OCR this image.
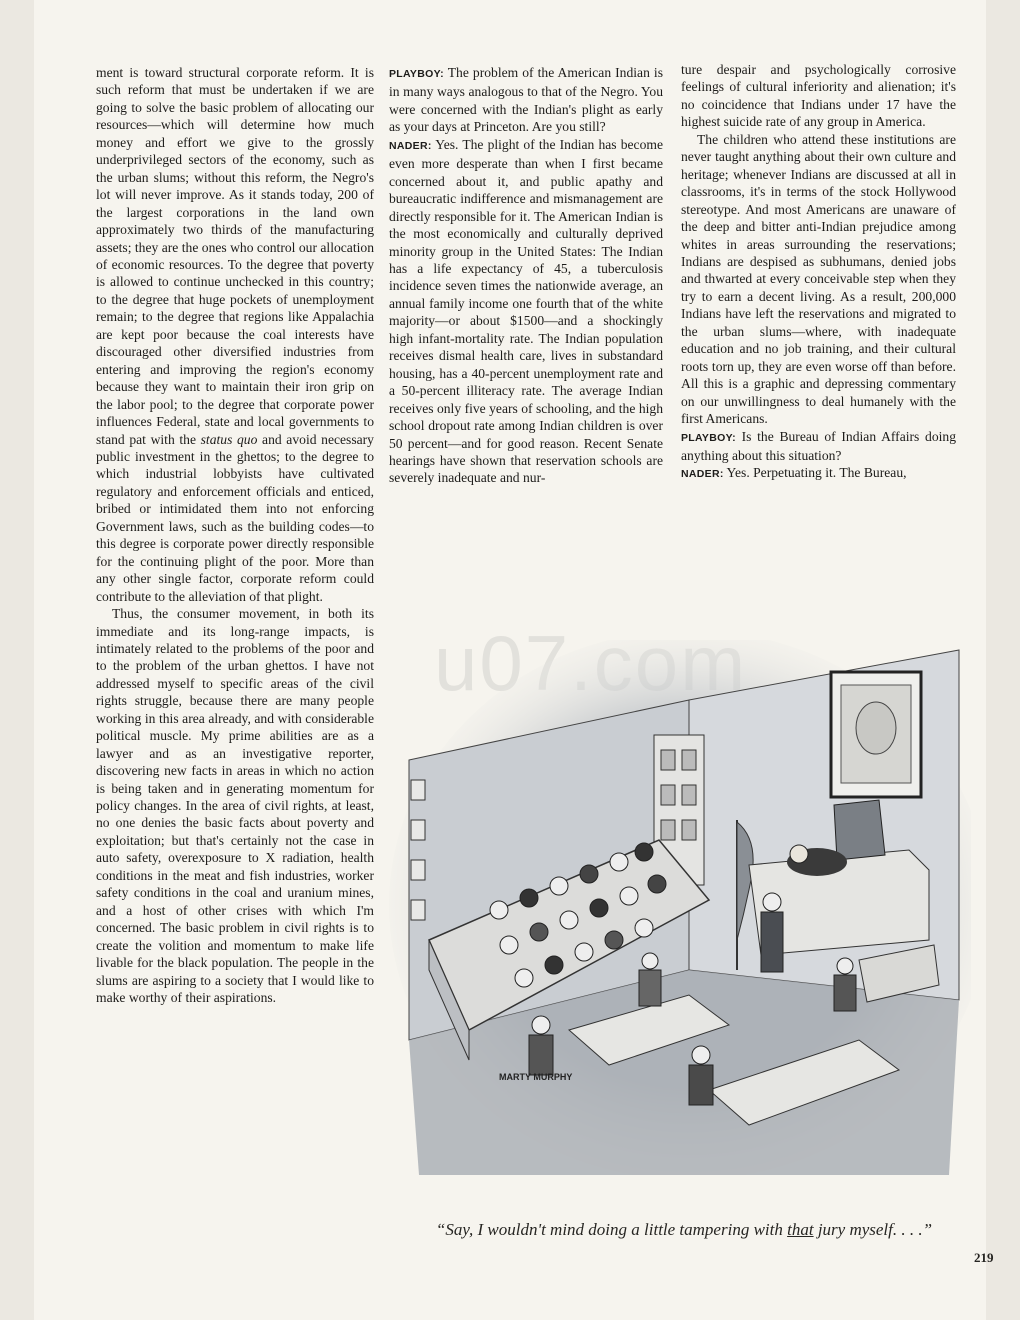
ment is toward structural corporate reform. It is such reform that must be undertaken if we are going to solve the basic problem of allocating our resources—which will determine how much money and effort we give to the grossly underprivileged sectors of the economy, such as the urban slums; without this reform, the Negro's lot will never improve. As it stands today, 200 of the largest corporations in the land own approximately two thirds of the manufacturing assets; they are the ones who control our allocation of economic resources. To the degree that poverty is allowed to continue unchecked in this country; to the degree that huge pockets of unemployment remain; to the degree that regions like Appalachia are kept poor because the coal interests have discouraged other diversified industries from entering and improving the region's economy because they want to maintain their iron grip on the labor pool; to the degree that corporate power influences Federal, state and local governments to stand pat with the status quo and avoid necessary public investment in the ghettos; to the degree to which industrial lobbyists have cultivated regulatory and enforcement officials and enticed, bribed or intimidated them into not enforcing Government laws, such as the building codes—to this degree is corporate power directly responsible for the continuing plight of the poor. More than any other single factor, corporate reform could contribute to the alleviation of that plight.

Thus, the consumer movement, in both its immediate and its long-range impacts, is intimately related to the problems of the poor and to the problem of the urban ghettos. I have not addressed myself to specific areas of the civil rights struggle, because there are many people working in this area already, and with considerable political muscle. My prime abilities are as a lawyer and as an investigative reporter, discovering new facts in areas in which no action is being taken and in generating momentum for policy changes. In the area of civil rights, at least, no one denies the basic facts about poverty and exploitation; but that's certainly not the case in auto safety, overexposure to X radiation, health conditions in the meat and fish industries, worker safety conditions in the coal and uranium mines, and a host of other crises with which I'm concerned. The basic problem in civil rights is to create the volition and momentum to make life livable for the black population. The people in the slums are aspiring to a society that I would like to make worthy of their aspirations.

PLAYBOY: The problem of the American Indian is in many ways analogous to that of the Negro. You were concerned with the Indian's plight as early as your days at Princeton. Are you still?

NADER: Yes. The plight of the Indian has become even more desperate than when I first became concerned about it, and public apathy and bureaucratic indifference and mismanagement are directly responsible for it. The American Indian is the most economically and culturally deprived minority group in the United States: The Indian has a life expectancy of 45, a tuberculosis incidence seven times the nationwide average, an annual family income one fourth that of the white majority—or about $1500—and a shockingly high infant-mortality rate. The Indian population receives dismal health care, lives in substandard housing, has a 40-percent unemployment rate and a 50-percent illiteracy rate. The average Indian receives only five years of schooling, and the high school dropout rate among Indian children is over 50 percent—and for good reason. Recent Senate hearings have shown that reservation schools are severely inadequate and nur-

ture despair and psychologically corrosive feelings of cultural inferiority and alienation; it's no coincidence that Indians under 17 have the highest suicide rate of any group in America.

The children who attend these institutions are never taught anything about their own culture and heritage; whenever Indians are discussed at all in classrooms, it's in terms of the stock Hollywood stereotype. And most Americans are unaware of the deep and bitter anti-Indian prejudice among whites in areas surrounding the reservations; Indians are despised as subhumans, denied jobs and thwarted at every conceivable step when they try to earn a decent living. As a result, 200,000 Indians have left the reservations and migrated to the urban slums—where, with inadequate education and no job training, and their cultural roots torn up, they are even worse off than before. All this is a graphic and depressing commentary on our unwillingness to deal humanely with the first Americans.

PLAYBOY: Is the Bureau of Indian Affairs doing anything about this situation?

NADER: Yes. Perpetuating it. The Bureau,

MARTY MURPHY
“Say, I wouldn't mind doing a little tampering with that jury myself. . . .”
219
